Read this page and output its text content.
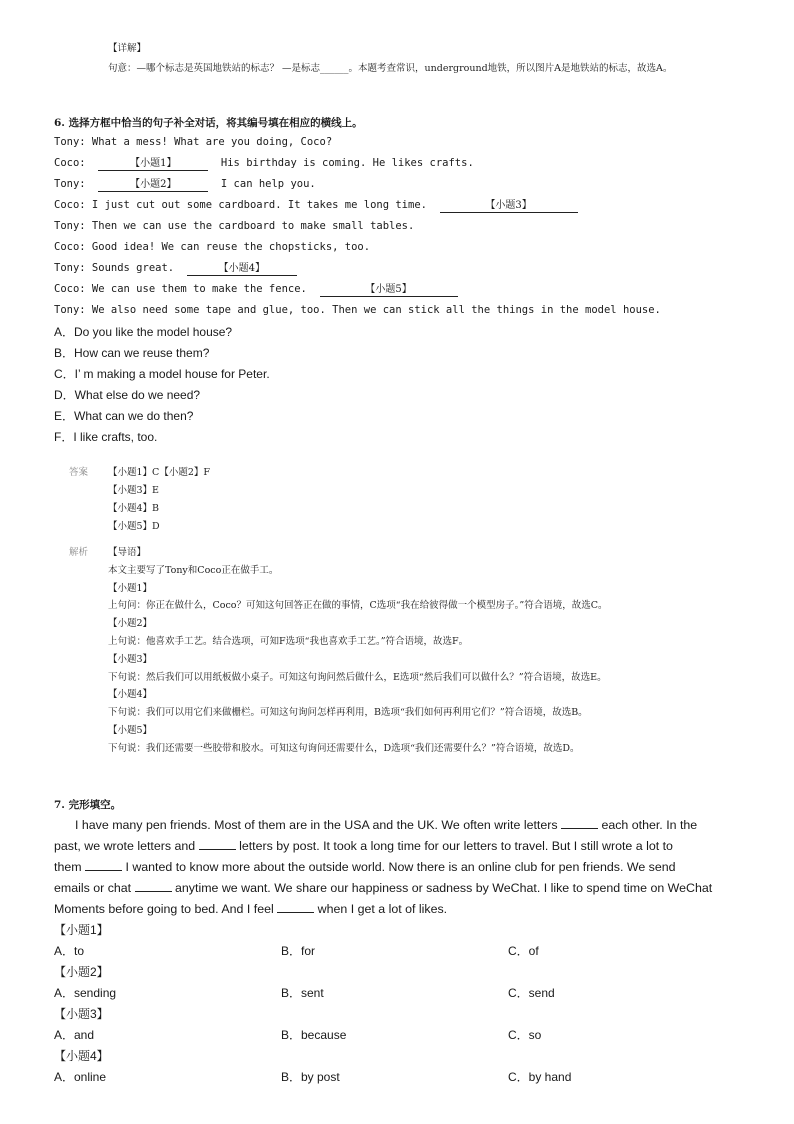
【详解】
句意：—哪个标志是英国地铁站的标志？ —是标志______。本题考查常识，underground地铁，所以图片A是地铁站的标志，故选A。
6. 选择方框中恰当的句子补全对话，将其编号填在相应的横线上。
Tony: What a mess! What are you doing, Coco?
Coco:	【小题1】	His birthday is coming. He likes crafts.
Tony:	【小题2】	I can help you.
Coco: I just cut out some cardboard. It takes me long time.	【小题3】
Tony: Then we can use the cardboard to make small tables.
Coco: Good idea! We can reuse the chopsticks, too.
Tony: Sounds great.	【小题4】
Coco: We can use them to make the fence.	【小题5】
Tony: We also need some tape and glue, too. Then we can stick all the things in the model house.
A．Do you like the model house?
B．How can we reuse them?
C．I’ m making a model house for Peter.
D．What else do we need?
E．What can we do then?
F．I like crafts, too.
答案 【小题1】C【小题2】F
【小题3】E
【小题4】B
【小题5】D
解析 【导语】
本文主要写了Tony和Coco正在做手工。
【小题1】
上句问：你正在做什么，Coco？可知这句回答正在做的事情，C选项“我在给彼得做一个模型房子。”符合语境，故选C。
【小题2】
上句说：他喜欢手工艺。结合选项，可知F选项“我也喜欢手工艺。”符合语境，故选F。
【小题3】
下句说：然后我们可以用纸板做小桌子。可知这句询问然后做什么，E选项“然后我们可以做什么？”符合语境，故选E。
【小题4】
下句说：我们可以用它们来做栅栏。可知这句询问怎样再利用，B选项“我们如何再利用它们？”符合语境，故选B。
【小题5】
下句说：我们还需要一些胶带和胶水。可知这句询问还需要什么，D选项“我们还需要什么？”符合语境，故选D。
7. 完形填空。
I have many pen friends. Most of them are in the USA and the UK. We often write letters	each other. In the
past, we wrote letters and	letters by post. It took a long time for our letters to travel. But I still wrote a lot to
them	I wanted to know more about the outside world. Now there is an online club for pen friends. We send
emails or chat	anytime we want. We share our happiness or sadness by WeChat. I like to spend time on WeChat
Moments before going to bed. And I feel	when I get a lot of likes.
【小题1】
A．to	B．for	C．of
【小题2】
A．sending	B．sent	C．send
【小题3】
A．and	B．because	C．so
【小题4】
A．online	B．by post	C．by hand
